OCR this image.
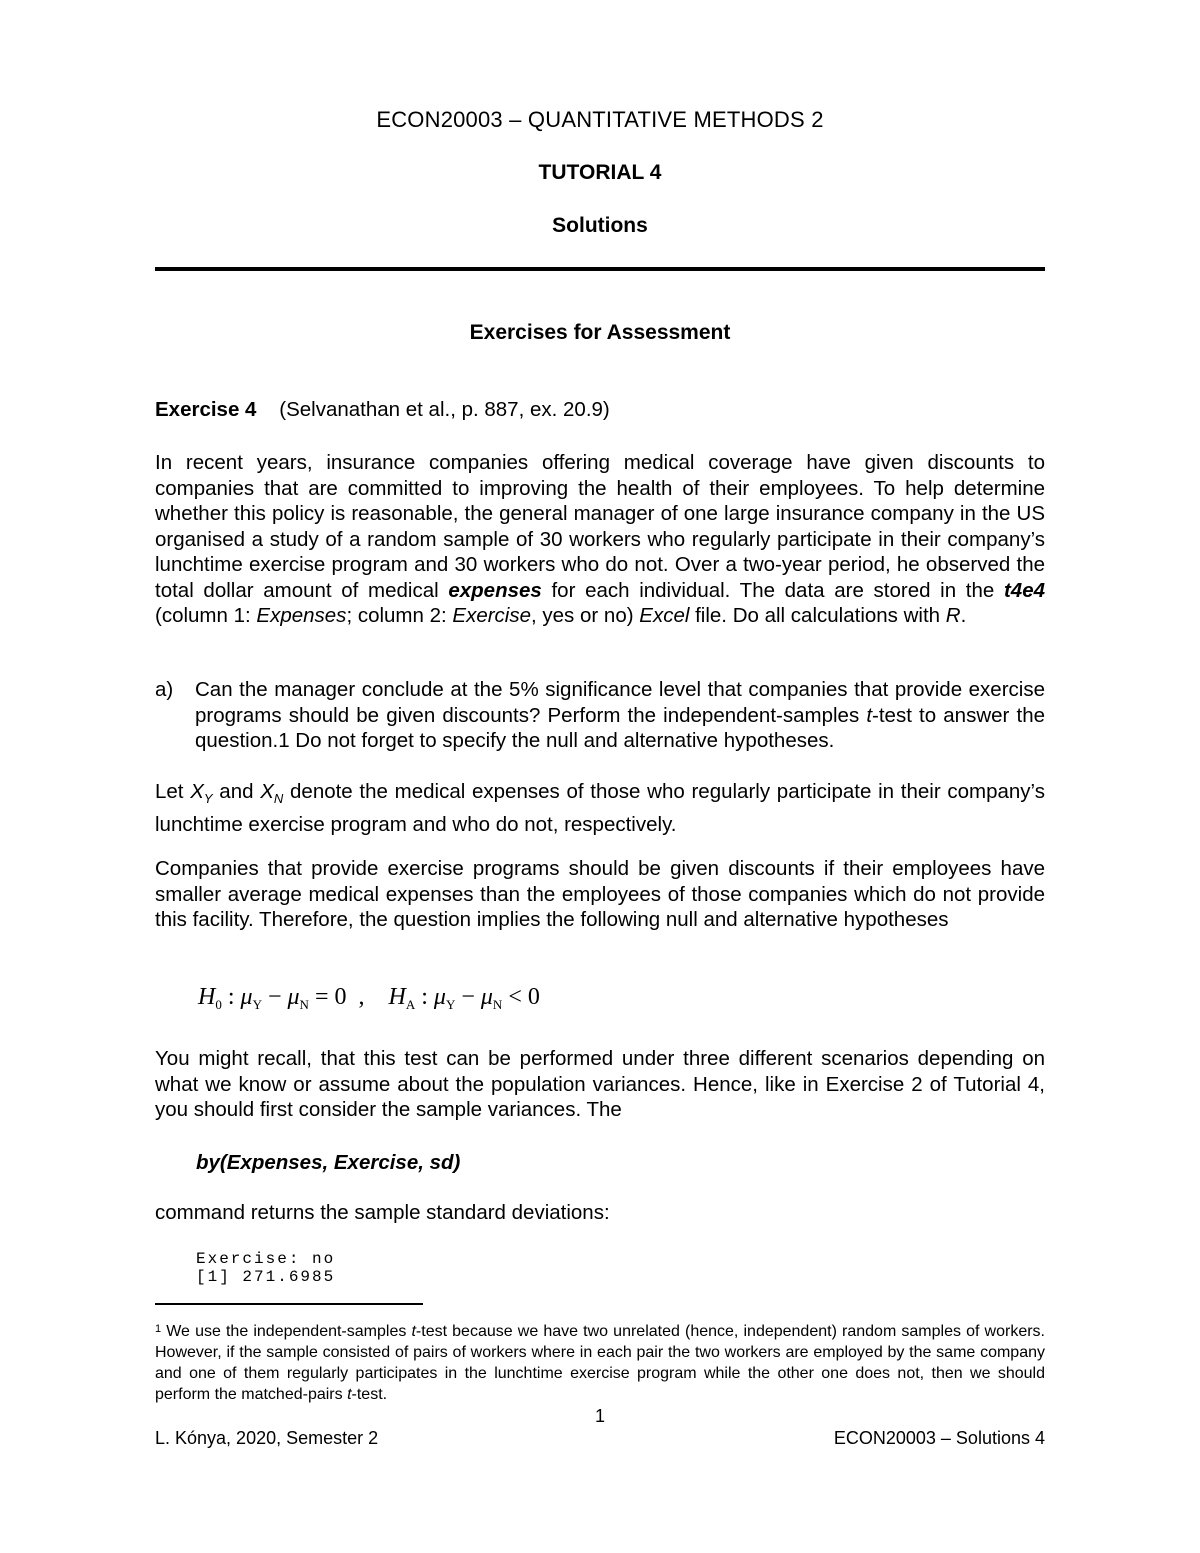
ECON20003 – QUANTITATIVE METHODS 2
TUTORIAL 4
Solutions
Exercises for Assessment
Exercise 4 (Selvanathan et al., p. 887, ex. 20.9)
In recent years, insurance companies offering medical coverage have given discounts to companies that are committed to improving the health of their employees. To help determine whether this policy is reasonable, the general manager of one large insurance company in the US organised a study of a random sample of 30 workers who regularly participate in their company’s lunchtime exercise program and 30 workers who do not. Over a two-year period, he observed the total dollar amount of medical expenses for each individual. The data are stored in the t4e4 (column 1: Expenses; column 2: Exercise, yes or no) Excel file. Do all calculations with R.
a) Can the manager conclude at the 5% significance level that companies that provide exercise programs should be given discounts? Perform the independent-samples t-test to answer the question.1 Do not forget to specify the null and alternative hypotheses.
Let $X_Y$ and $X_N$ denote the medical expenses of those who regularly participate in their company’s lunchtime exercise program and who do not, respectively.
Companies that provide exercise programs should be given discounts if their employees have smaller average medical expenses than the employees of those companies which do not provide this facility. Therefore, the question implies the following null and alternative hypotheses
$H_0$ : $\mu_Y - \mu_N = 0$  ,    $H_A$ : $\mu_Y - \mu_N < 0$
You might recall, that this test can be performed under three different scenarios depending on what we know or assume about the population variances. Hence, like in Exercise 2 of Tutorial 4, you should first consider the sample variances. The
by(Expenses, Exercise, sd)
command returns the sample standard deviations:
Exercise: no
[1] 271.6985
$^1$ We use the independent-samples t-test because we have two unrelated (hence, independent) random samples of workers. However, if the sample consisted of pairs of workers where in each pair the two workers are employed by the same company and one of them regularly participates in the lunchtime exercise program while the other one does not, then we should perform the matched-pairs t-test.
1
L. Kónya, 2020, Semester 2	ECON20003 – Solutions 4
